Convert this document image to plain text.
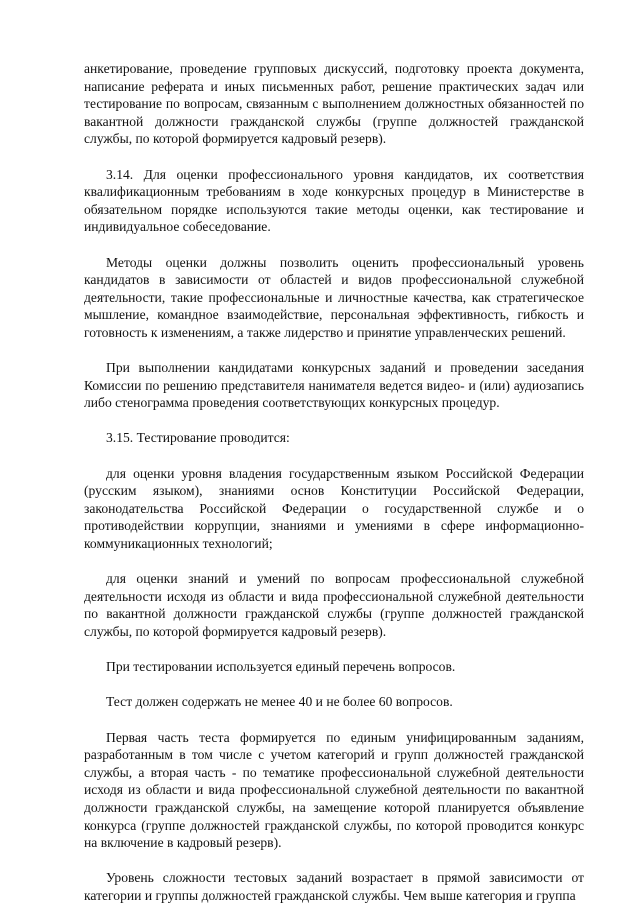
анкетирование, проведение групповых дискуссий, подготовку проекта документа, написание реферата и иных письменных работ, решение практических задач или тестирование по вопросам, связанным с выполнением должностных обязанностей по вакантной должности гражданской службы (группе должностей гражданской службы, по которой формируется кадровый резерв).

3.14. Для оценки профессионального уровня кандидатов, их соответствия квалификационным требованиям в ходе конкурсных процедур в Министерстве в обязательном порядке используются такие методы оценки, как тестирование и индивидуальное собеседование.

Методы оценки должны позволить оценить профессиональный уровень кандидатов в зависимости от областей и видов профессиональной служебной деятельности, такие профессиональные и личностные качества, как стратегическое мышление, командное взаимодействие, персональная эффективность, гибкость и готовность к изменениям, а также лидерство и принятие управленческих решений.

При выполнении кандидатами конкурсных заданий и проведении заседания Комиссии по решению представителя нанимателя ведется видео- и (или) аудиозапись либо стенограмма проведения соответствующих конкурсных процедур.

3.15. Тестирование проводится:

для оценки уровня владения государственным языком Российской Федерации (русским языком), знаниями основ Конституции Российской Федерации, законодательства Российской Федерации о государственной службе и о противодействии коррупции, знаниями и умениями в сфере информационно-коммуникационных технологий;

для оценки знаний и умений по вопросам профессиональной служебной деятельности исходя из области и вида профессиональной служебной деятельности по вакантной должности гражданской службы (группе должностей гражданской службы, по которой формируется кадровый резерв).

При тестировании используется единый перечень вопросов.

Тест должен содержать не менее 40 и не более 60 вопросов.

Первая часть теста формируется по единым унифицированным заданиям, разработанным в том числе с учетом категорий и групп должностей гражданской службы, а вторая часть - по тематике профессиональной служебной деятельности исходя из области и вида профессиональной служебной деятельности по вакантной должности гражданской службы, на замещение которой планируется объявление конкурса (группе должностей гражданской службы, по которой проводится конкурс на включение в кадровый резерв).

Уровень сложности тестовых заданий возрастает в прямой зависимости от категории и группы должностей гражданской службы. Чем выше категория и группа
